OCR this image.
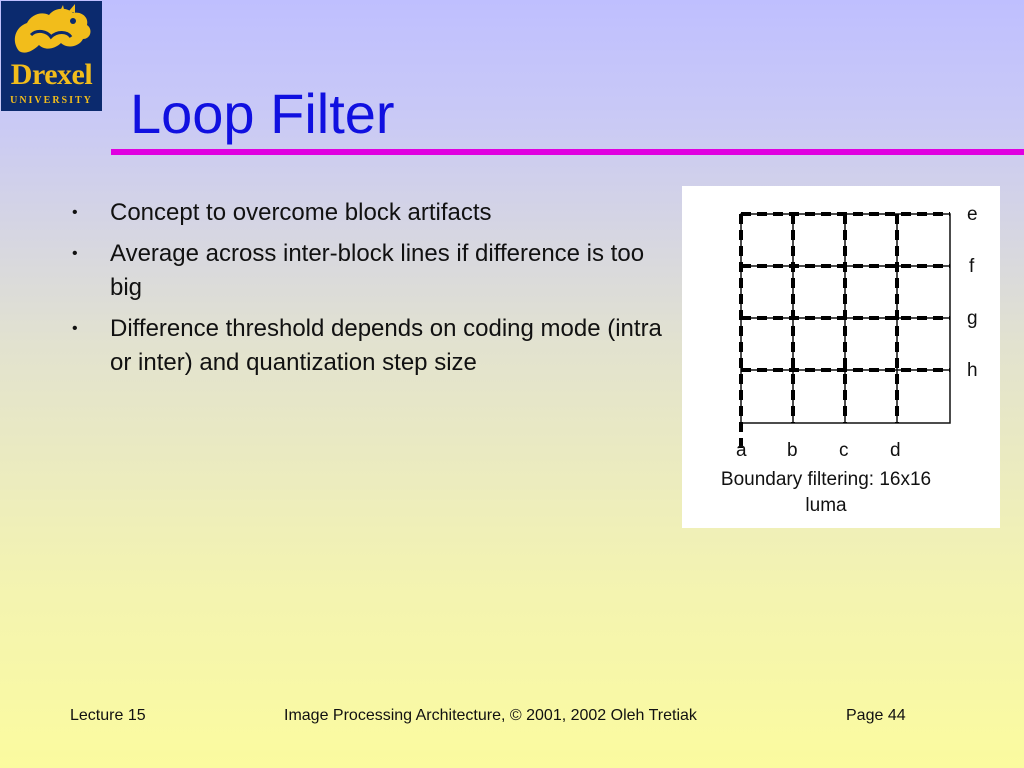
Drexel
UNIVERSITY Loop Filter
• Concept to overcome block artifacts
• Average across inter-block lines if difference is too big
• Difference threshold depends on coding mode (intra or inter) and quantization step size
a b c d
e
f
g
h
Boundary filtering: 16x16 luma
Lecture 15	Image Processing Architecture, © 2001, 2002 Oleh Tretiak	Page 44
